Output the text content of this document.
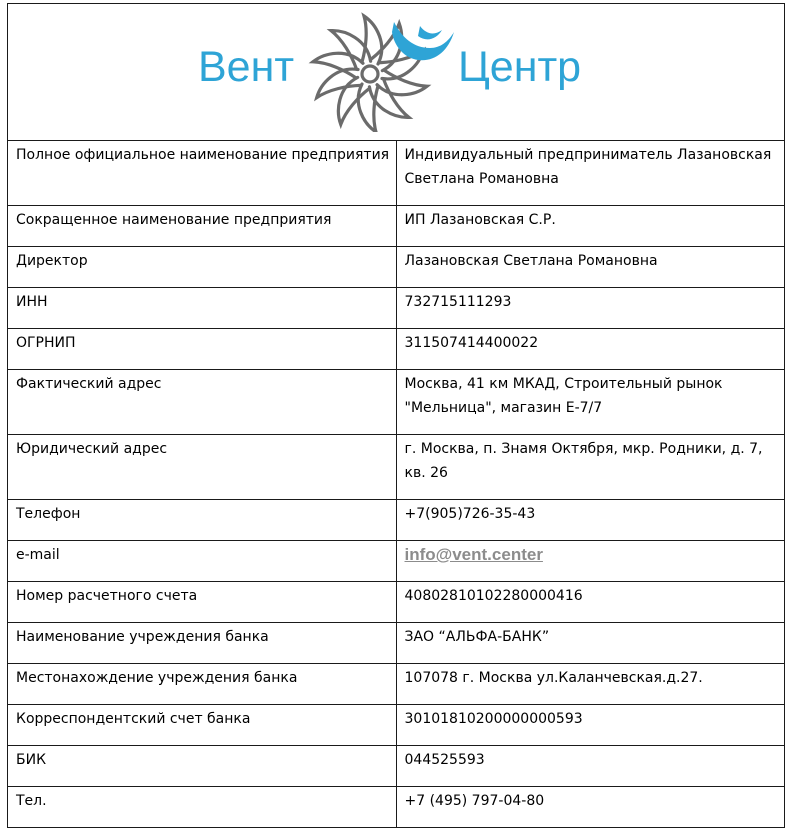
Вент Центр	

Полное официальное наименование предприятия	Индивидуальный предприниматель Лазановская Светлана Романовна
Сокращенное наименование предприятия	ИП Лазановская С.Р.
Директор	Лазановская Светлана Романовна
ИНН	732715111293
ОГРНИП	311507414400022
Фактический адрес	Москва, 41 км МКАД, Строительный рынок "Мельница", магазин Е-7/7
Юридический адрес	г. Москва, п. Знамя Октября, мкр. Родники, д. 7, кв. 26
Телефон	+7(905)726-35-43
e-mail	info@vent.center
Номер расчетного счета	40802810102280000416
Наименование учреждения банка	ЗАО “АЛЬФА-БАНК”
Местонахождение учреждения банка	107078 г. Москва ул.Каланчевская.д.27.
Корреспондентский счет банка	30101810200000000593
БИК	044525593
Тел.	+7 (495) 797-04-80
